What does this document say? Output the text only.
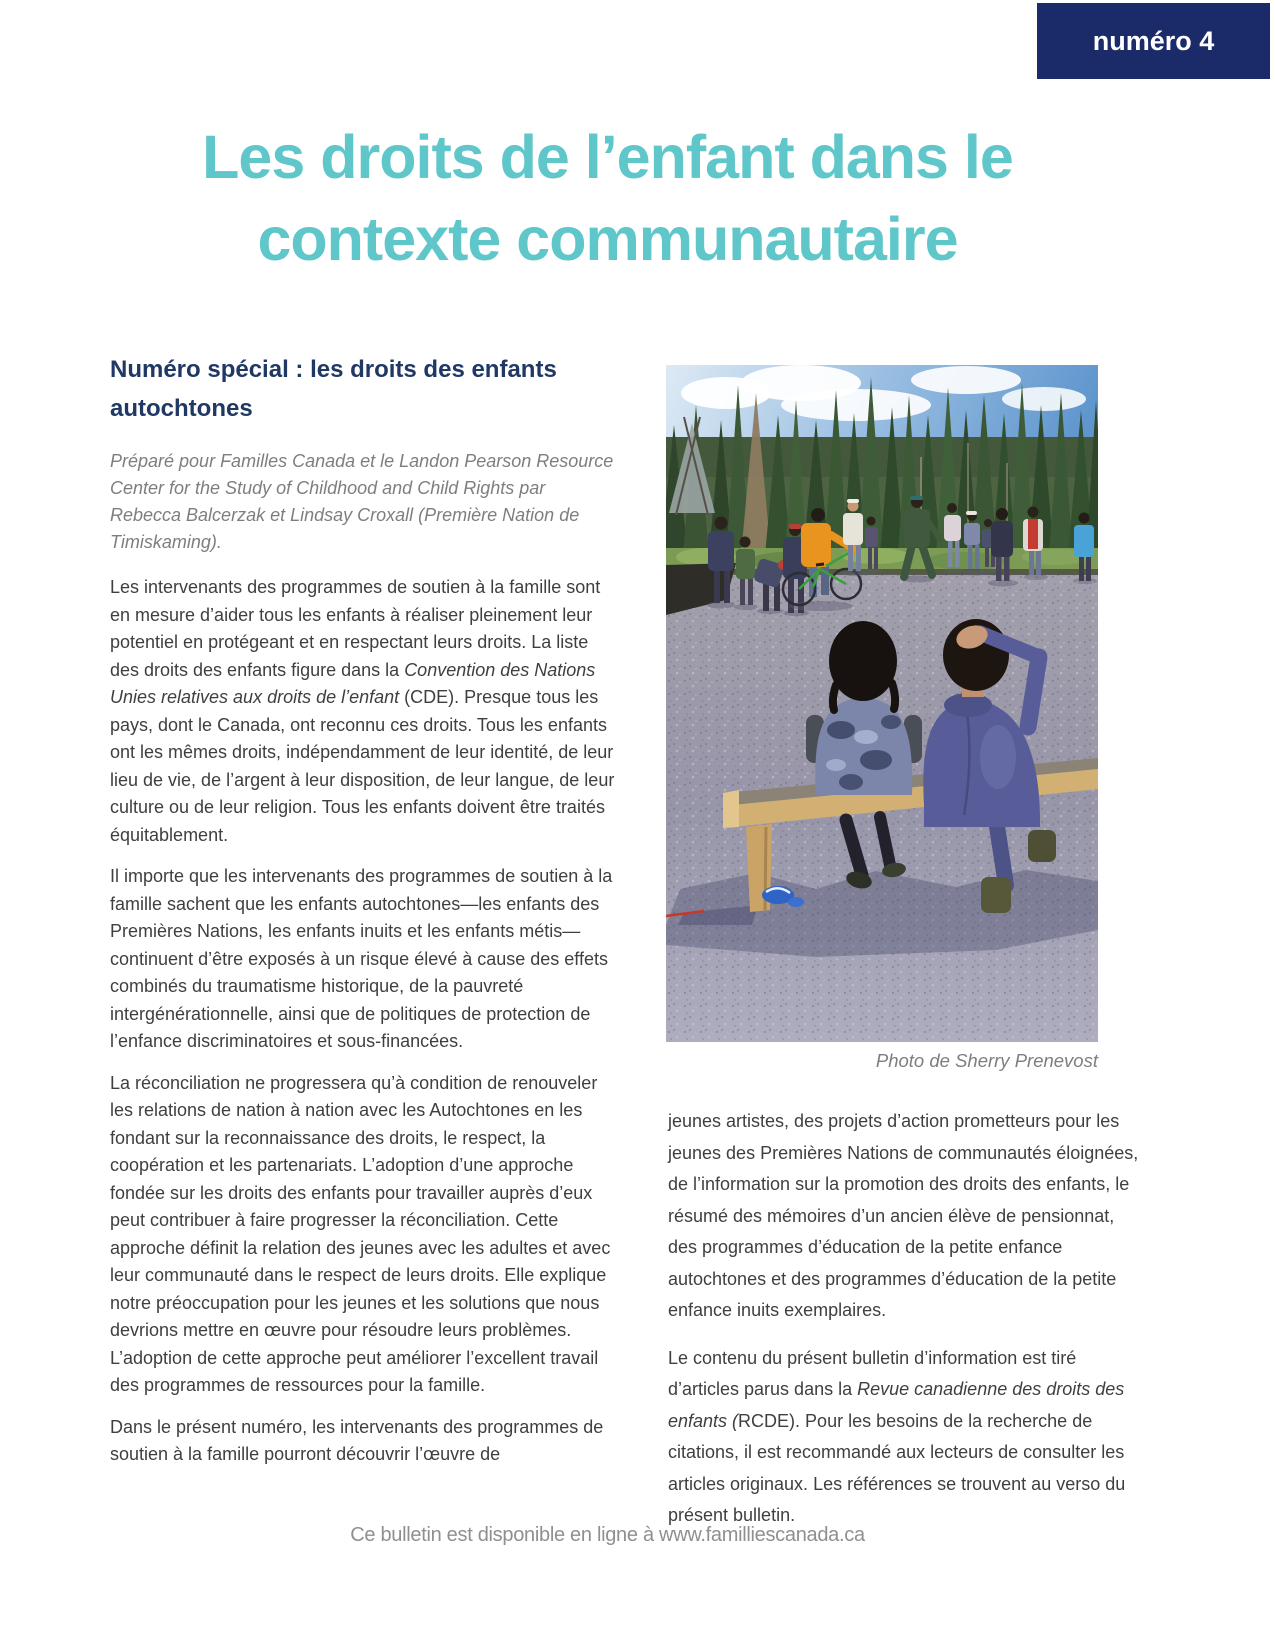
numéro 4
Les droits de l’enfant dans le
contexte communautaire
Numéro spécial : les droits des enfants autochtones

Préparé pour Familles Canada et le Landon Pearson Resource Center for the Study of Childhood and Child Rights par Rebecca Balcerzak et Lindsay Croxall (Première Nation de Timiskaming).

Les intervenants des programmes de soutien à la famille sont en mesure d’aider tous les enfants à réaliser pleinement leur potentiel en protégeant et en respectant leurs droits. La liste des droits des enfants figure dans la Convention des Nations Unies relatives aux droits de l’enfant (CDE). Presque tous les pays, dont le Canada, ont reconnu ces droits. Tous les enfants ont les mêmes droits, indépendamment de leur identité, de leur lieu de vie, de l’argent à leur disposition, de leur langue, de leur culture ou de leur religion. Tous les enfants doivent être traités équitablement.

Il importe que les intervenants des programmes de soutien à la famille sachent que les enfants autochtones—les enfants des Premières Nations, les enfants inuits et les enfants métis—continuent d’être exposés à un risque élevé à cause des effets combinés du traumatisme historique, de la pauvreté intergénérationnelle, ainsi que de politiques de protection de l’enfance discriminatoires et sous-financées.

La réconciliation ne progressera qu’à condition de renouveler les relations de nation à nation avec les Autochtones en les fondant sur la reconnaissance des droits, le respect, la coopération et les partenariats. L’adoption d’une approche fondée sur les droits des enfants pour travailler auprès d’eux peut contribuer à faire progresser la réconciliation. Cette approche définit la relation des jeunes avec les adultes et avec leur communauté dans le respect de leurs droits. Elle explique notre préoccupation pour les jeunes et les solutions que nous devrions mettre en œuvre pour résoudre leurs problèmes. L’adoption de cette approche peut améliorer l’excellent travail des programmes de ressources pour la famille.

Dans le présent numéro, les intervenants des programmes de soutien à la famille pourront découvrir l’œuvre de

Photo de Sherry Prenevost

jeunes artistes, des projets d’action prometteurs pour les jeunes des Premières Nations de communautés éloignées, de l’information sur la promotion des droits des enfants, le résumé des mémoires d’un ancien élève de pensionnat, des programmes d’éducation de la petite enfance autochtones et des programmes d’éducation de la petite enfance inuits exemplaires.

Le contenu du présent bulletin d’information est tiré d’articles parus dans la Revue canadienne des droits des enfants (RCDE). Pour les besoins de la recherche de citations, il est recommandé aux lecteurs de consulter les articles originaux. Les références se trouvent au verso du présent bulletin.

Ce bulletin est disponible en ligne à www.familliescanada.ca
